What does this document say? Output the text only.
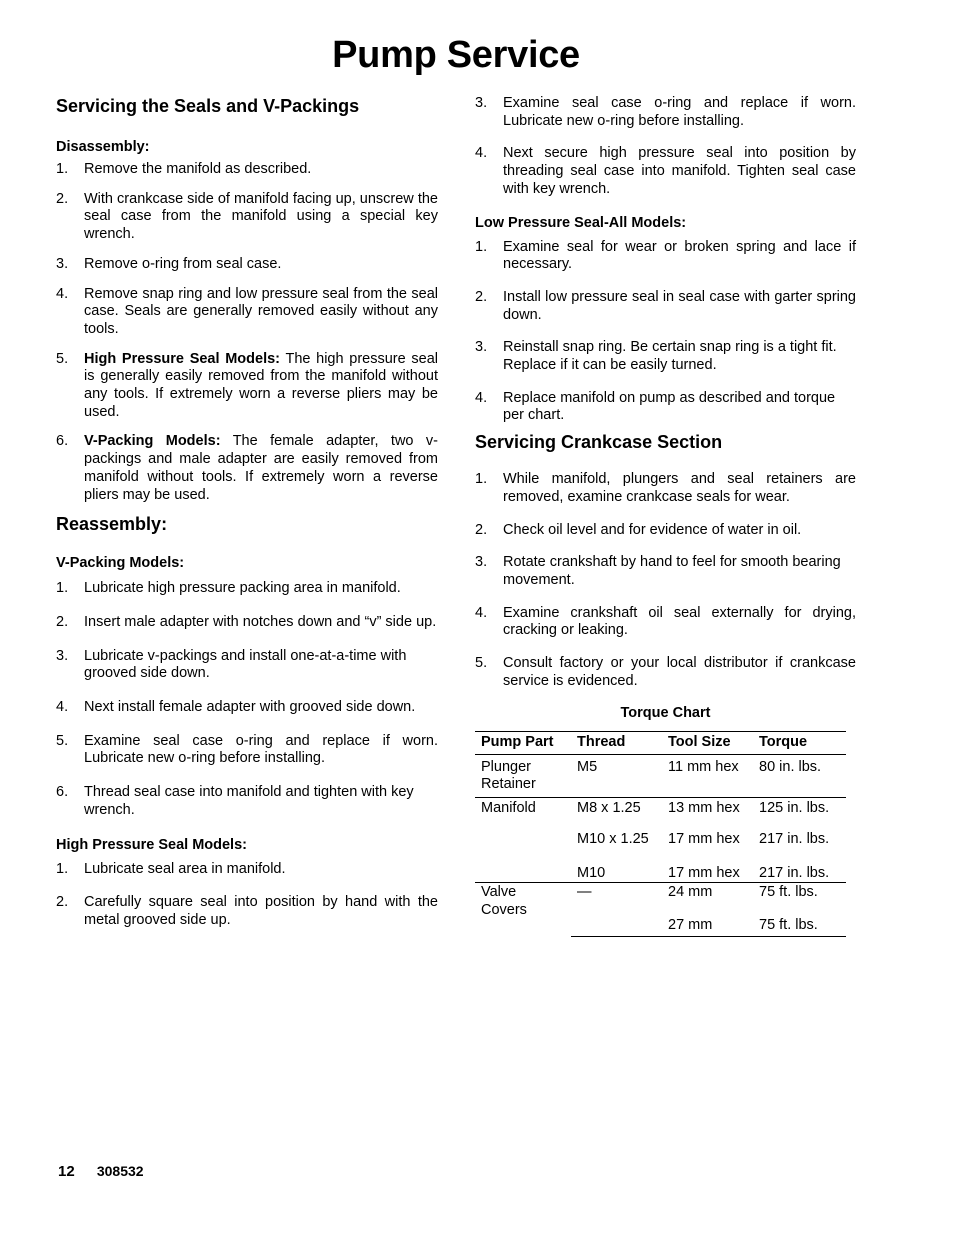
Pump Service
Servicing the Seals and V-Packings
Disassembly:

1.	Remove the manifold as described.

2.	With crankcase side of manifold facing up, unscrew the seal case from the manifold using a special key wrench.

3.	Remove o-ring from seal case.

4.	Remove snap ring and low pressure seal from the seal case. Seals are generally removed easily without any tools.

5.	High Pressure Seal Models: The high pressure seal is generally easily removed from the manifold without any tools. If extremely worn a reverse pliers may be used.

6.	V-Packing Models: The female adapter, two v-packings and male adapter are easily removed from manifold without tools. If extremely worn a reverse pliers may be used.

Reassembly:
V-Packing Models:

1.	Lubricate high pressure packing area in manifold.

2.	Insert male adapter with notches down and “v” side up.

3.	Lubricate v-packings and install one-at-a-time with grooved side down.

4.	Next install female adapter with grooved side down.

5.	Examine seal case o-ring and replace if worn. Lubricate new o-ring before installing.

6.	Thread seal case into manifold and tighten with key wrench.

High Pressure Seal Models:

1.	Lubricate seal area in manifold.

2.	Carefully square seal into position by hand with the metal grooved side up.

3.	Examine seal case o-ring and replace if worn. Lubricate new o-ring before installing.

4.	Next secure high pressure seal into position by threading seal case into manifold. Tighten seal case with key wrench.

Low Pressure Seal-All Models:

1.	Examine seal for wear or broken spring and lace if necessary.

2.	Install low pressure seal in seal case with garter spring down.

3.	Reinstall snap ring. Be certain snap ring is a tight fit. Replace if it can be easily turned.

4.	Replace manifold on pump as described and torque per chart.

Servicing Crankcase Section

1.	While manifold, plungers and seal retainers are removed, examine crankcase seals for wear.

2.	Check oil level and for evidence of water in oil.

3.	Rotate crankshaft by hand to feel for smooth bearing movement.

4.	Examine crankshaft oil seal externally for drying, cracking or leaking.

5.	Consult factory or your local distributor if crankcase service is evidenced.

Torque Chart
Pump Part	Thread	Tool Size	Torque
Plunger Retainer	M5	11 mm hex	80 in. lbs.
Manifold	M8 x 1.25	13 mm hex	125 in. lbs.
	M10 x 1.25	17 mm hex	217 in. lbs.
	M10	17 mm hex	217 in. lbs.
Valve Covers	—	24 mm	75 ft. lbs.
		27 mm	75 ft. lbs.
12 308532
